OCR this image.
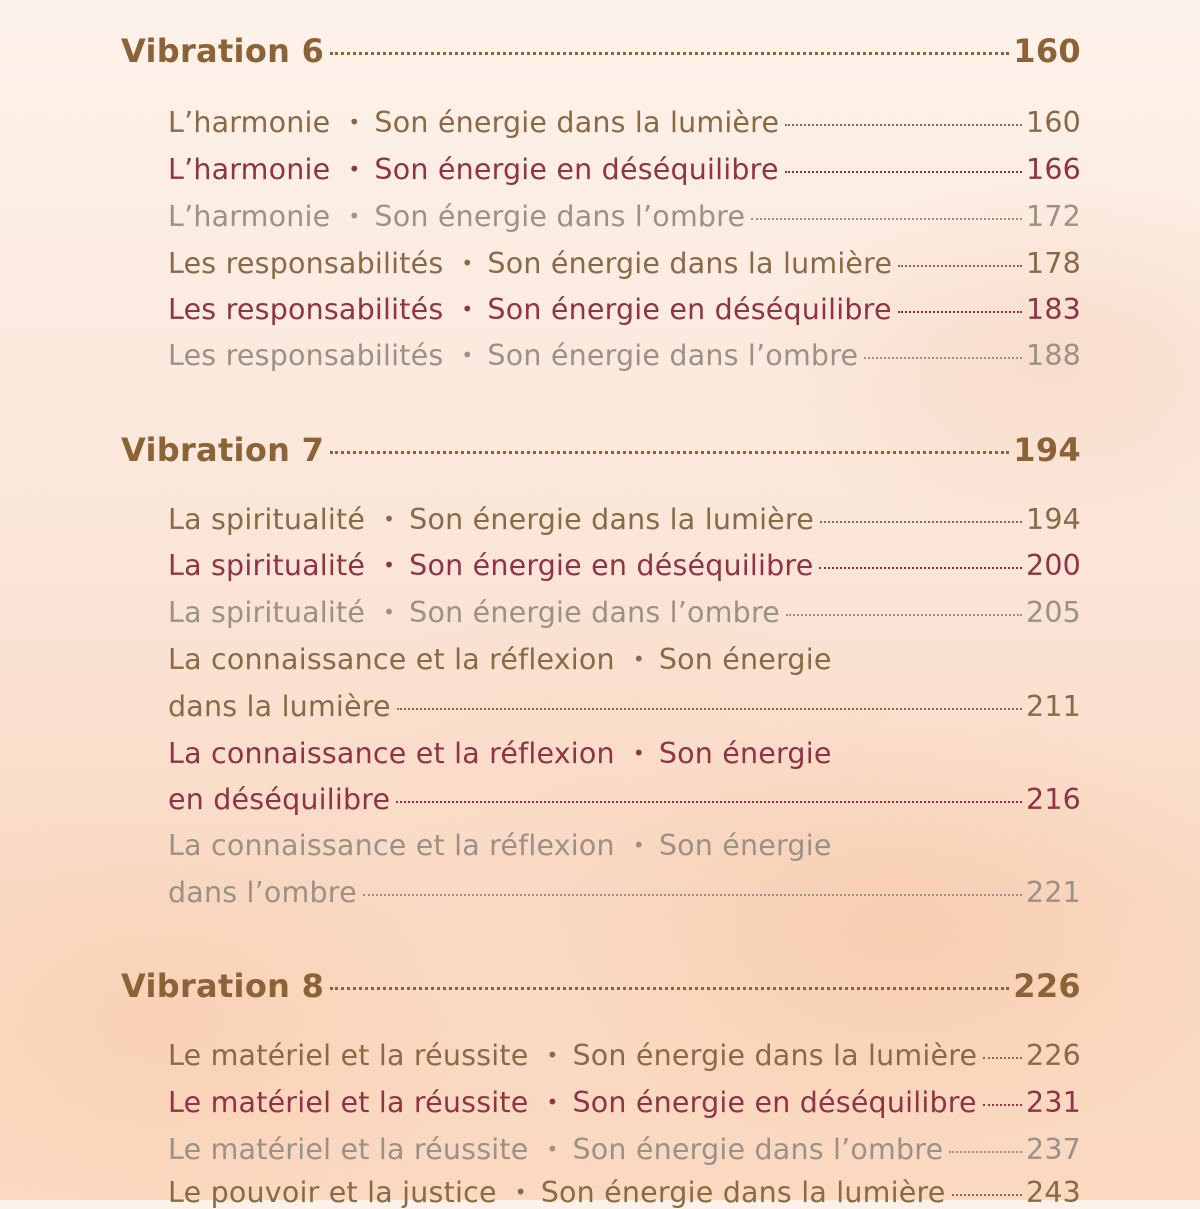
Vibration 6	160
L’harmonie • Son énergie dans la lumière	160
L’harmonie • Son énergie en déséquilibre	166
L’harmonie • Son énergie dans l’ombre	172
Les responsabilités • Son énergie dans la lumière	178
Les responsabilités • Son énergie en déséquilibre	183
Les responsabilités • Son énergie dans l’ombre	188
Vibration 7	194
La spiritualité • Son énergie dans la lumière	194
La spiritualité • Son énergie en déséquilibre	200
La spiritualité • Son énergie dans l’ombre	205
La connaissance et la réflexion • Son énergie
dans la lumière	211
La connaissance et la réflexion • Son énergie
en déséquilibre	216
La connaissance et la réflexion • Son énergie
dans l’ombre	221
Vibration 8	226
Le matériel et la réussite • Son énergie dans la lumière 226
Le matériel et la réussite • Son énergie en déséquilibre 231
Le matériel et la réussite • Son énergie dans l’ombre	237
Le pouvoir et la justice • Son énergie dans la lumière	243
